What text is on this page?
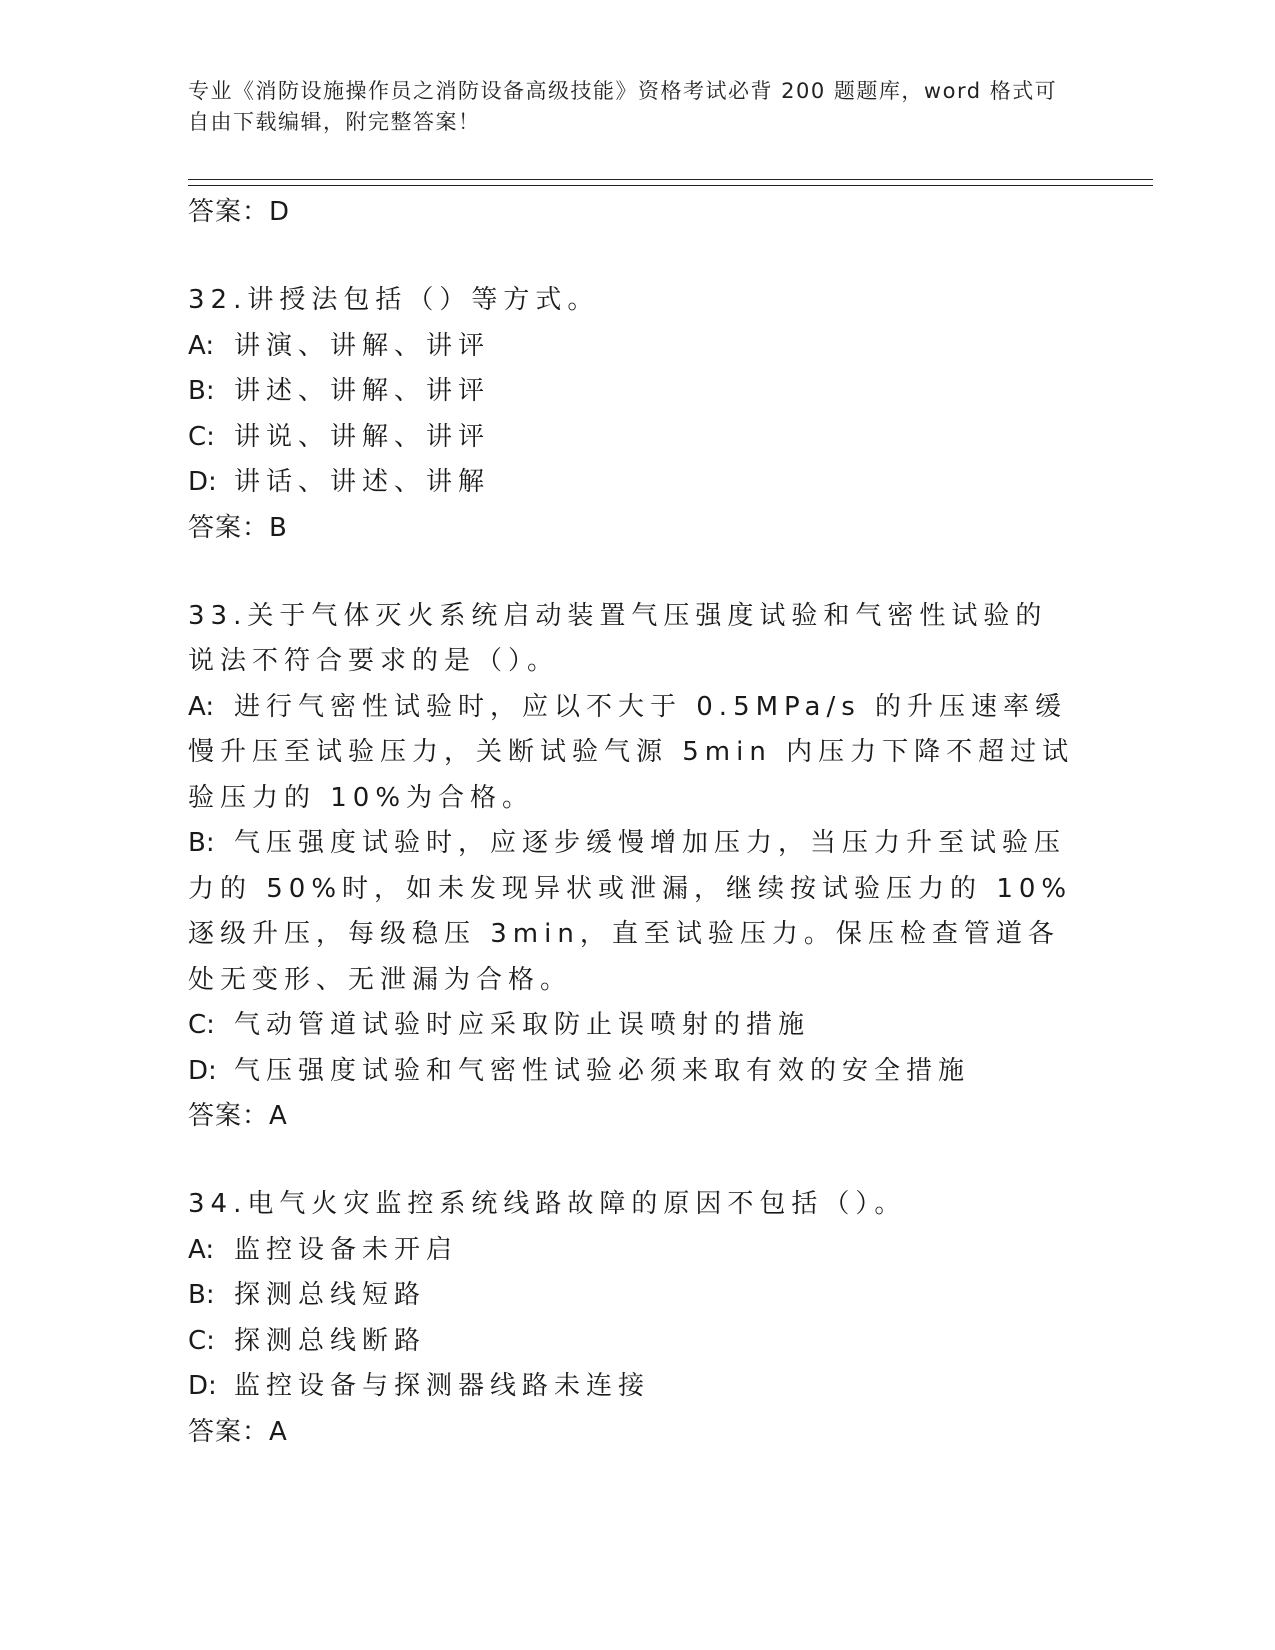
专业《消防设施操作员之消防设备高级技能》资格考试必背 200 题题库，word 格式可自由下载编辑，附完整答案！
答案：D
32.讲授法包括（）等方式。
A: 讲演、讲解、讲评
B: 讲述、讲解、讲评
C: 讲说、讲解、讲评
D: 讲话、讲述、讲解
答案：B
33.关于气体灭火系统启动装置气压强度试验和气密性试验的说法不符合要求的是（）。
A: 进行气密性试验时，应以不大于 0.5MPa/s 的升压速率缓慢升压至试验压力，关断试验气源 5min 内压力下降不超过试验压力的 10%为合格。
B: 气压强度试验时，应逐步缓慢增加压力，当压力升至试验压力的 50%时，如未发现异状或泄漏，继续按试验压力的 10%逐级升压，每级稳压 3min，直至试验压力。保压检查管道各处无变形、无泄漏为合格。
C: 气动管道试验时应采取防止误喷射的措施
D: 气压强度试验和气密性试验必须来取有效的安全措施
答案：A
34.电气火灾监控系统线路故障的原因不包括（）。
A: 监控设备未开启
B: 探测总线短路
C: 探测总线断路
D: 监控设备与探测器线路未连接
答案：A
